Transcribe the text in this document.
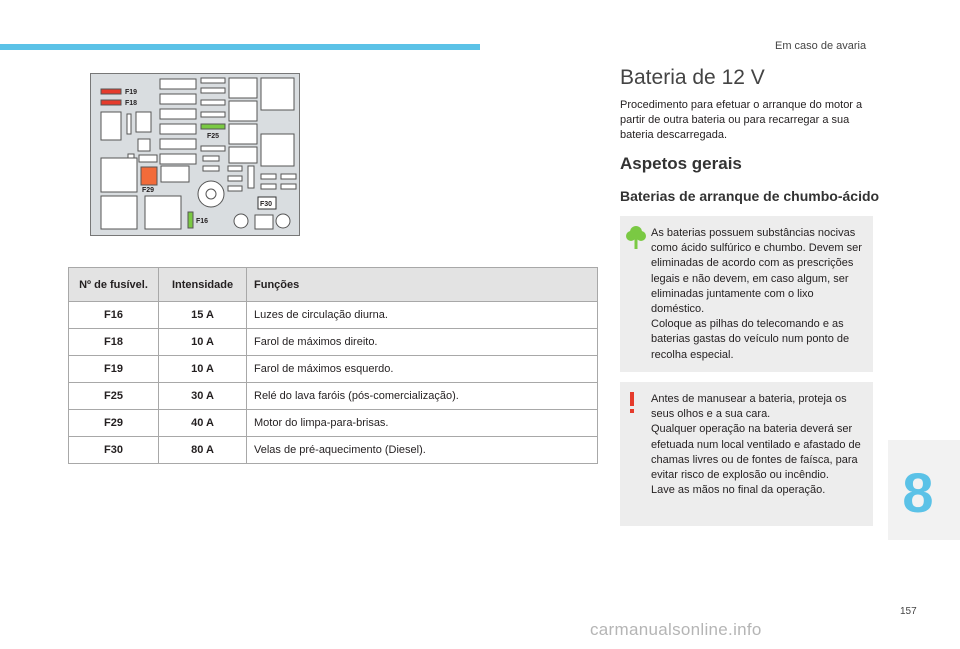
Em caso de avaria
F19
F18
F25
F29
F16
F30
Nº de fusível.	Intensidade	Funções
F16	15 A	Luzes de circulação diurna.
F18	10 A	Farol de máximos direito.
F19	10 A	Farol de máximos esquerdo.
F25	30 A	Relé do lava faróis (pós-comercialização).
F29	40 A	Motor do limpa-para-brisas.
F30	80 A	Velas de pré-aquecimento (Diesel).
Bateria de 12 V
Procedimento para efetuar o arranque do motor a partir de outra bateria ou para recarregar a sua bateria descarregada.
Aspetos gerais
Baterias de arranque de chumbo-ácido

As baterias possuem substâncias nocivas como ácido sulfúrico e chumbo. Devem ser eliminadas de acordo com as prescrições legais e não devem, em caso algum, ser eliminadas juntamente com o lixo doméstico.

Coloque as pilhas do telecomando e as baterias gastas do veículo num ponto de recolha especial.

Antes de manusear a bateria, proteja os seus olhos e a sua cara.

Qualquer operação na bateria deverá ser efetuada num local ventilado e afastado de chamas livres ou de fontes de faísca, para evitar risco de explosão ou incêndio.

Lave as mãos no final da operação.	8
157
carmanualsonline.info
